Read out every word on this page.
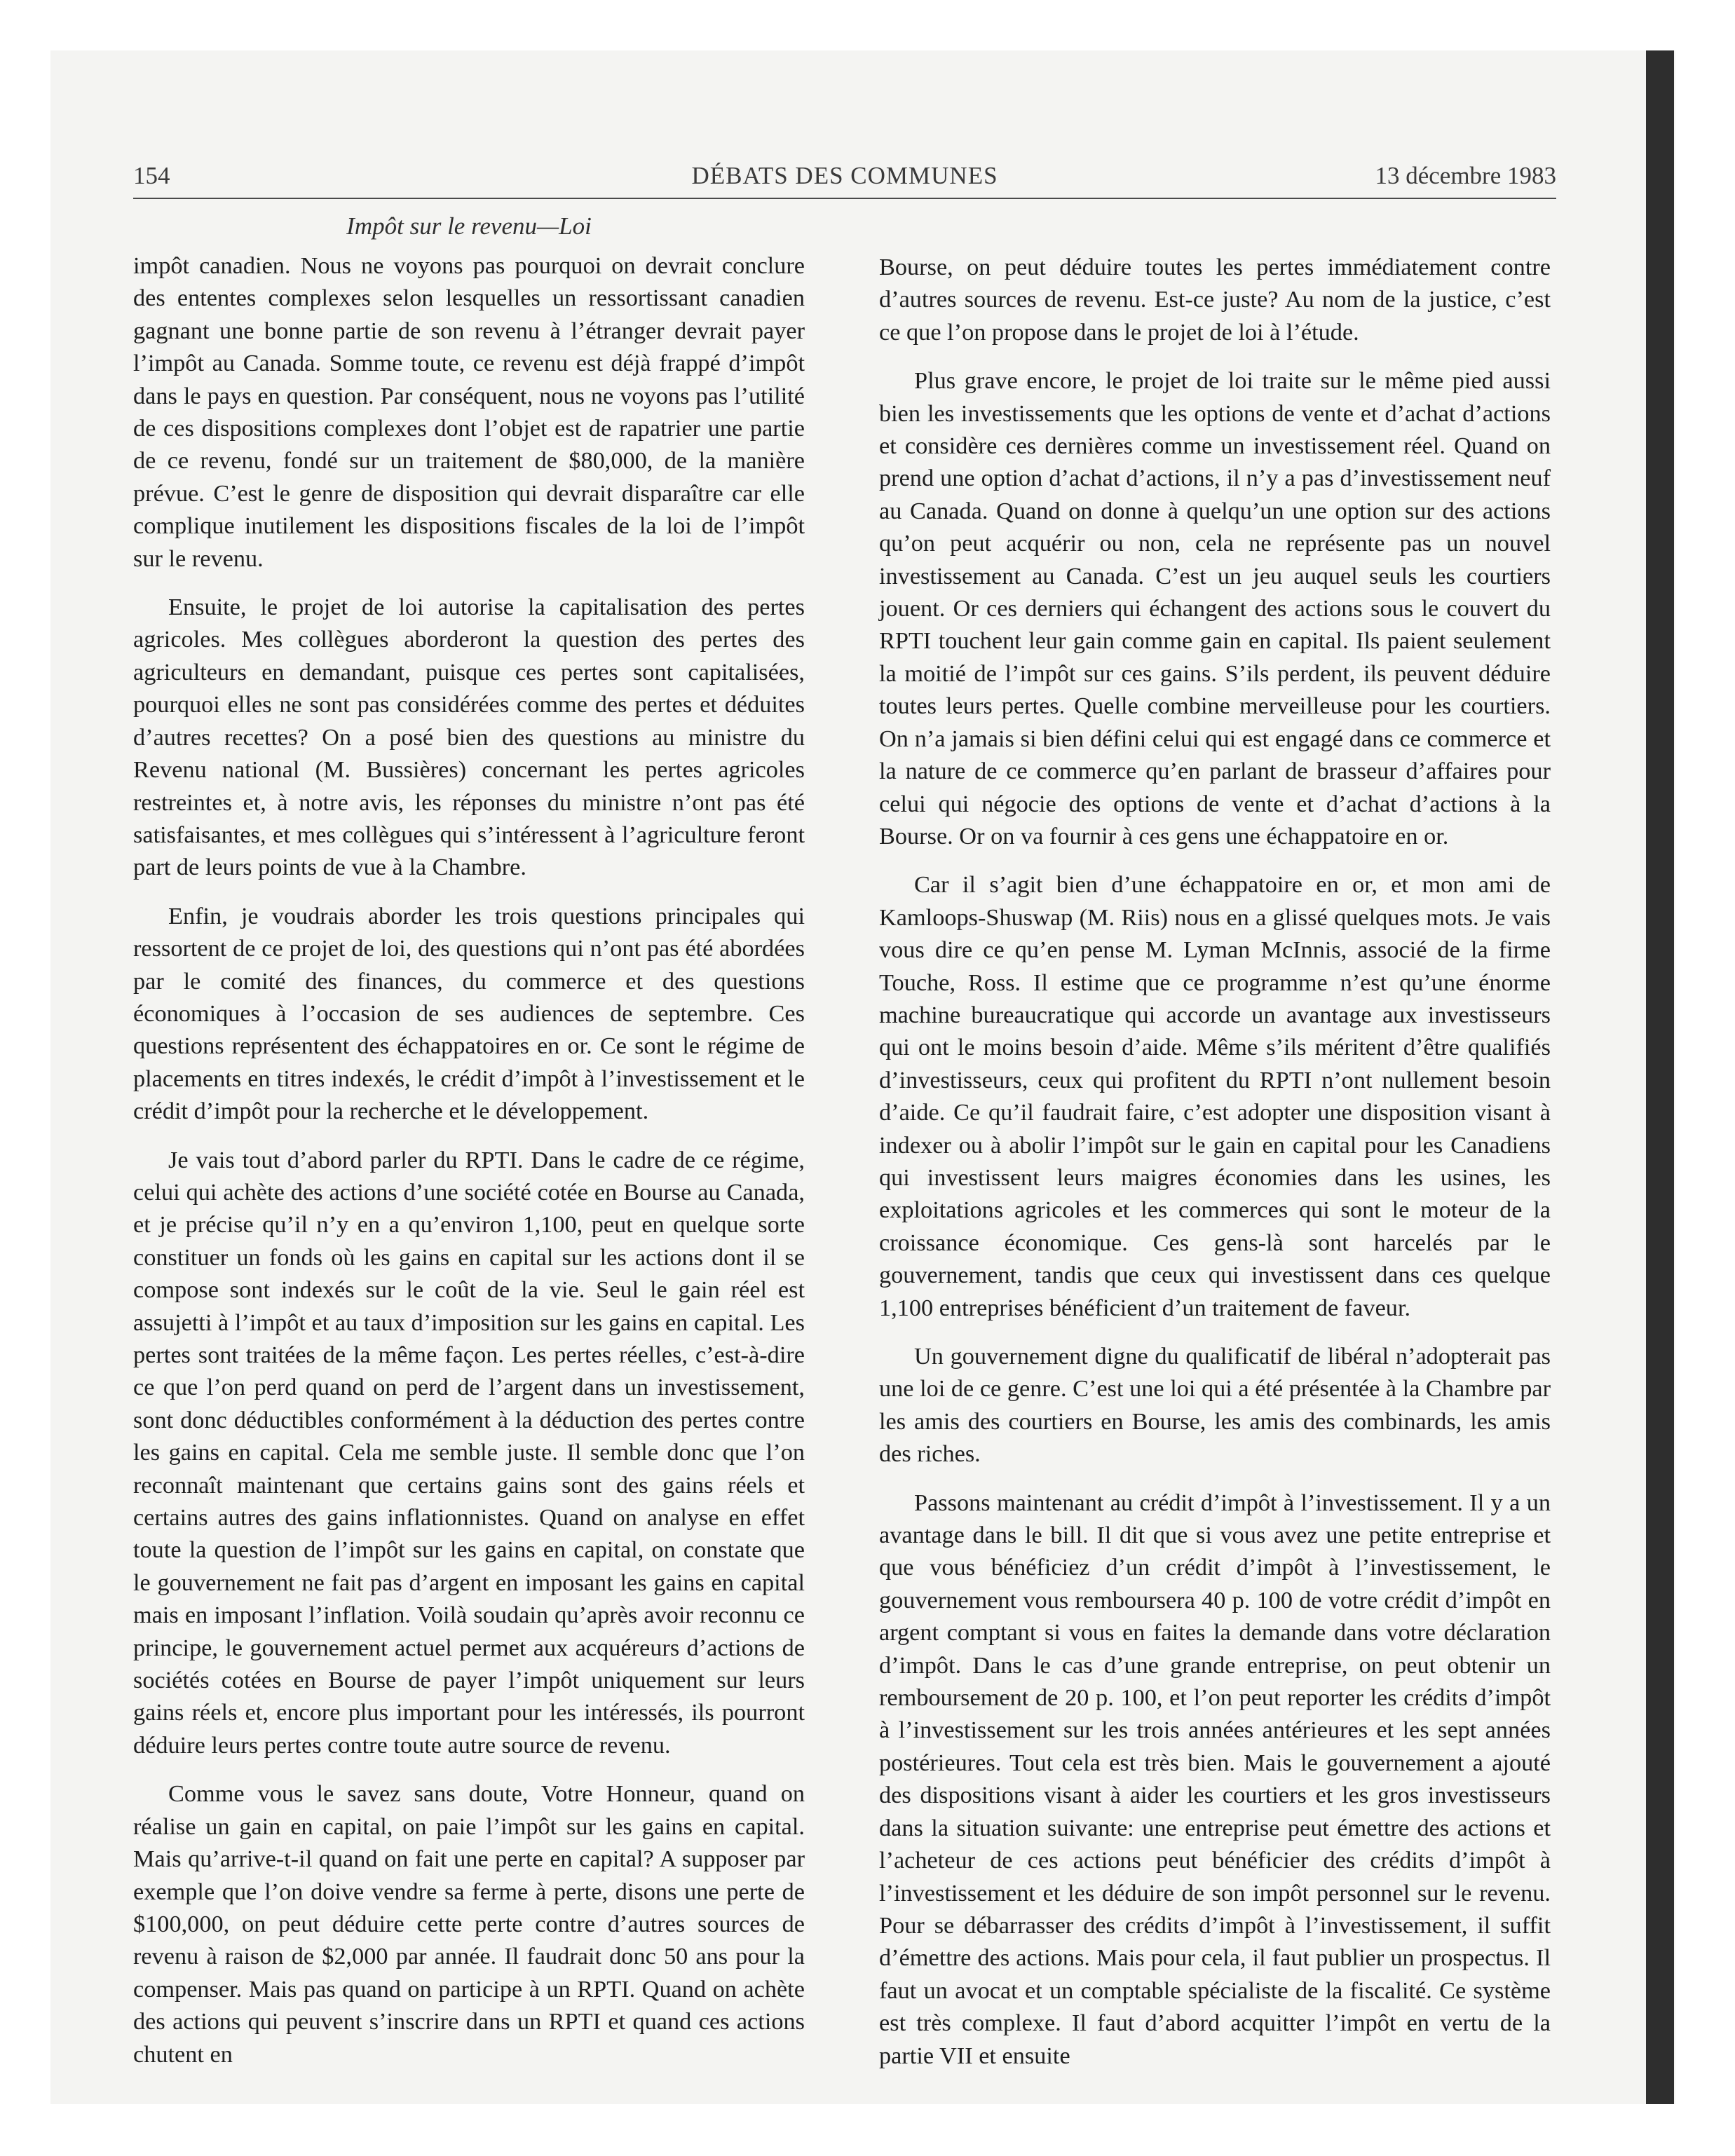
154	DÉBATS DES COMMUNES	13 décembre 1983
Impôt sur le revenu—Loi

impôt canadien. Nous ne voyons pas pourquoi on devrait conclure des ententes complexes selon lesquelles un ressortissant canadien gagnant une bonne partie de son revenu à l’étranger devrait payer l’impôt au Canada. Somme toute, ce revenu est déjà frappé d’impôt dans le pays en question. Par conséquent, nous ne voyons pas l’utilité de ces dispositions complexes dont l’objet est de rapatrier une partie de ce revenu, fondé sur un traitement de $80,000, de la manière prévue. C’est le genre de disposition qui devrait disparaître car elle complique inutilement les dispositions fiscales de la loi de l’impôt sur le revenu.

Ensuite, le projet de loi autorise la capitalisation des pertes agricoles. Mes collègues aborderont la question des pertes des agriculteurs en demandant, puisque ces pertes sont capitalisées, pourquoi elles ne sont pas considérées comme des pertes et déduites d’autres recettes? On a posé bien des questions au ministre du Revenu national (M. Bussières) concernant les pertes agricoles restreintes et, à notre avis, les réponses du ministre n’ont pas été satisfaisantes, et mes collègues qui s’intéressent à l’agriculture feront part de leurs points de vue à la Chambre.

Enfin, je voudrais aborder les trois questions principales qui ressortent de ce projet de loi, des questions qui n’ont pas été abordées par le comité des finances, du commerce et des questions économiques à l’occasion de ses audiences de septembre. Ces questions représentent des échappatoires en or. Ce sont le régime de placements en titres indexés, le crédit d’impôt à l’investissement et le crédit d’impôt pour la recherche et le développement.

Je vais tout d’abord parler du RPTI. Dans le cadre de ce régime, celui qui achète des actions d’une société cotée en Bourse au Canada, et je précise qu’il n’y en a qu’environ 1,100, peut en quelque sorte constituer un fonds où les gains en capital sur les actions dont il se compose sont indexés sur le coût de la vie. Seul le gain réel est assujetti à l’impôt et au taux d’imposition sur les gains en capital. Les pertes sont traitées de la même façon. Les pertes réelles, c’est-à-dire ce que l’on perd quand on perd de l’argent dans un investissement, sont donc déductibles conformément à la déduction des pertes contre les gains en capital. Cela me semble juste. Il semble donc que l’on reconnaît maintenant que certains gains sont des gains réels et certains autres des gains inflationnistes. Quand on analyse en effet toute la question de l’impôt sur les gains en capital, on constate que le gouvernement ne fait pas d’argent en imposant les gains en capital mais en imposant l’inflation. Voilà soudain qu’après avoir reconnu ce principe, le gouvernement actuel permet aux acquéreurs d’actions de sociétés cotées en Bourse de payer l’impôt uniquement sur leurs gains réels et, encore plus important pour les intéressés, ils pourront déduire leurs pertes contre toute autre source de revenu.

Comme vous le savez sans doute, Votre Honneur, quand on réalise un gain en capital, on paie l’impôt sur les gains en capital. Mais qu’arrive-t-il quand on fait une perte en capital? A supposer par exemple que l’on doive vendre sa ferme à perte, disons une perte de $100,000, on peut déduire cette perte contre d’autres sources de revenu à raison de $2,000 par année. Il faudrait donc 50 ans pour la compenser. Mais pas quand on participe à un RPTI. Quand on achète des actions qui peuvent s’inscrire dans un RPTI et quand ces actions chutent en

Bourse, on peut déduire toutes les pertes immédiatement contre d’autres sources de revenu. Est-ce juste? Au nom de la justice, c’est ce que l’on propose dans le projet de loi à l’étude.

Plus grave encore, le projet de loi traite sur le même pied aussi bien les investissements que les options de vente et d’achat d’actions et considère ces dernières comme un investissement réel. Quand on prend une option d’achat d’actions, il n’y a pas d’investissement neuf au Canada. Quand on donne à quelqu’un une option sur des actions qu’on peut acquérir ou non, cela ne représente pas un nouvel investissement au Canada. C’est un jeu auquel seuls les courtiers jouent. Or ces derniers qui échangent des actions sous le couvert du RPTI touchent leur gain comme gain en capital. Ils paient seulement la moitié de l’impôt sur ces gains. S’ils perdent, ils peuvent déduire toutes leurs pertes. Quelle combine merveilleuse pour les courtiers. On n’a jamais si bien défini celui qui est engagé dans ce commerce et la nature de ce commerce qu’en parlant de brasseur d’affaires pour celui qui négocie des options de vente et d’achat d’actions à la Bourse. Or on va fournir à ces gens une échappatoire en or.

Car il s’agit bien d’une échappatoire en or, et mon ami de Kamloops-Shuswap (M. Riis) nous en a glissé quelques mots. Je vais vous dire ce qu’en pense M. Lyman McInnis, associé de la firme Touche, Ross. Il estime que ce programme n’est qu’une énorme machine bureaucratique qui accorde un avantage aux investisseurs qui ont le moins besoin d’aide. Même s’ils méritent d’être qualifiés d’investisseurs, ceux qui profitent du RPTI n’ont nullement besoin d’aide. Ce qu’il faudrait faire, c’est adopter une disposition visant à indexer ou à abolir l’impôt sur le gain en capital pour les Canadiens qui investissent leurs maigres économies dans les usines, les exploitations agricoles et les commerces qui sont le moteur de la croissance économique. Ces gens-là sont harcelés par le gouvernement, tandis que ceux qui investissent dans ces quelque 1,100 entreprises bénéficient d’un traitement de faveur.

Un gouvernement digne du qualificatif de libéral n’adopterait pas une loi de ce genre. C’est une loi qui a été présentée à la Chambre par les amis des courtiers en Bourse, les amis des combinards, les amis des riches.

Passons maintenant au crédit d’impôt à l’investissement. Il y a un avantage dans le bill. Il dit que si vous avez une petite entreprise et que vous bénéficiez d’un crédit d’impôt à l’investissement, le gouvernement vous remboursera 40 p. 100 de votre crédit d’impôt en argent comptant si vous en faites la demande dans votre déclaration d’impôt. Dans le cas d’une grande entreprise, on peut obtenir un remboursement de 20 p. 100, et l’on peut reporter les crédits d’impôt à l’investissement sur les trois années antérieures et les sept années postérieures. Tout cela est très bien. Mais le gouvernement a ajouté des dispositions visant à aider les courtiers et les gros investisseurs dans la situation suivante: une entreprise peut émettre des actions et l’acheteur de ces actions peut bénéficier des crédits d’impôt à l’investissement et les déduire de son impôt personnel sur le revenu. Pour se débarrasser des crédits d’impôt à l’investissement, il suffit d’émettre des actions. Mais pour cela, il faut publier un prospectus. Il faut un avocat et un comptable spécialiste de la fiscalité. Ce système est très complexe. Il faut d’abord acquitter l’impôt en vertu de la partie VII et ensuite
